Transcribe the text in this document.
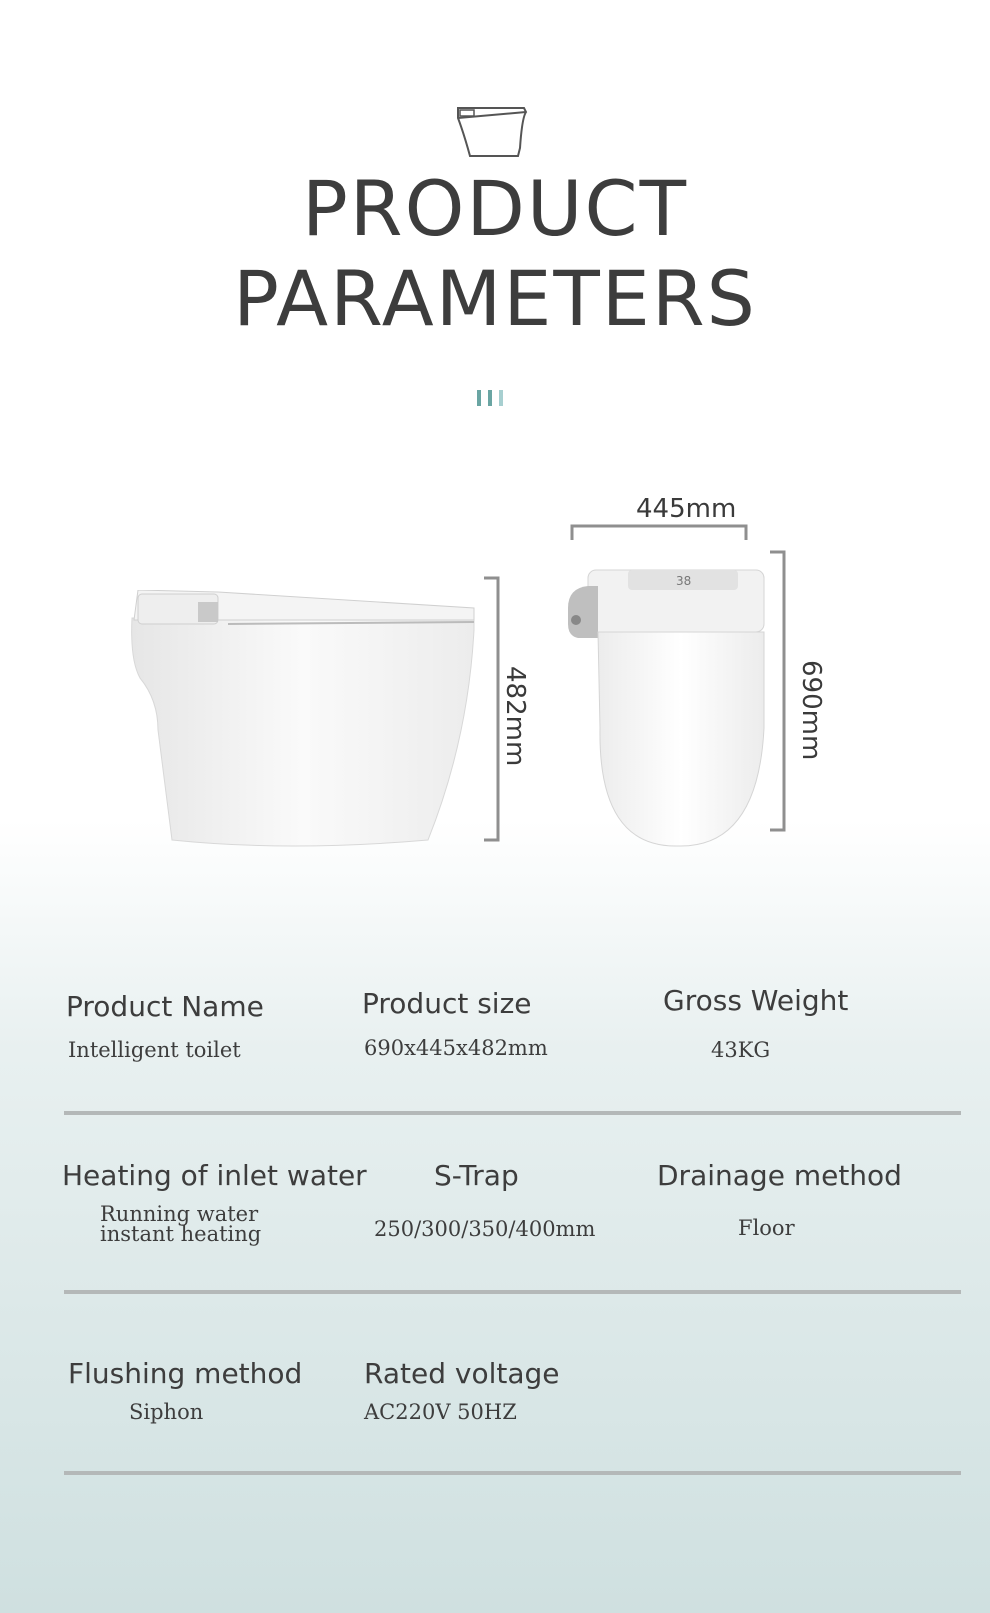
PRODUCT
PARAMETERS
482mm
38
445mm
690mm
Product Name
Intelligent toilet
Product size
690x445x482mm
Gross Weight
43KG
Heating of inlet water
Running water
instant heating
S-Trap
250/300/350/400mm
Drainage method
Floor
Flushing method
Siphon
Rated voltage
AC220V 50HZ
